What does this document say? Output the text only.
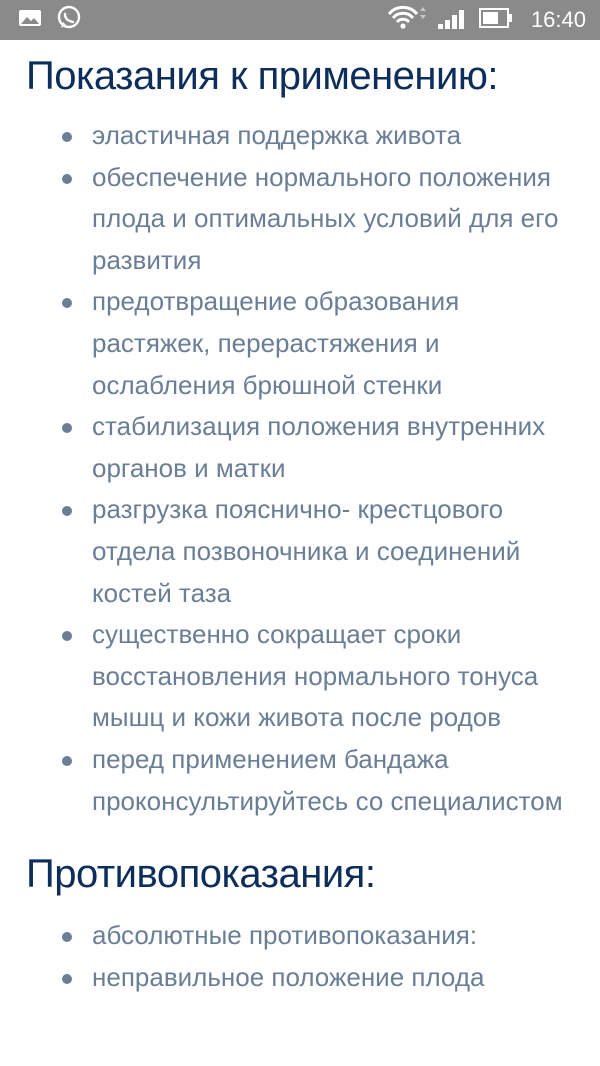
16:40
Показания к применению:
эластичная поддержка живота
обеспечение нормального положения плода и оптимальных условий для его развития
предотвращение образования растяжек, перерастяжения и ослабления брюшной стенки
стабилизация положения внутренних органов и матки
разгрузка пояснично- крестцового отдела позвоночника и соединений костей таза
существенно сокращает сроки восстановления нормального тонуса мышц и кожи живота после родов
перед применением бандажа проконсультируйтесь со специалистом
Противопоказания:
абсолютные противопоказания:
неправильное положение плода
